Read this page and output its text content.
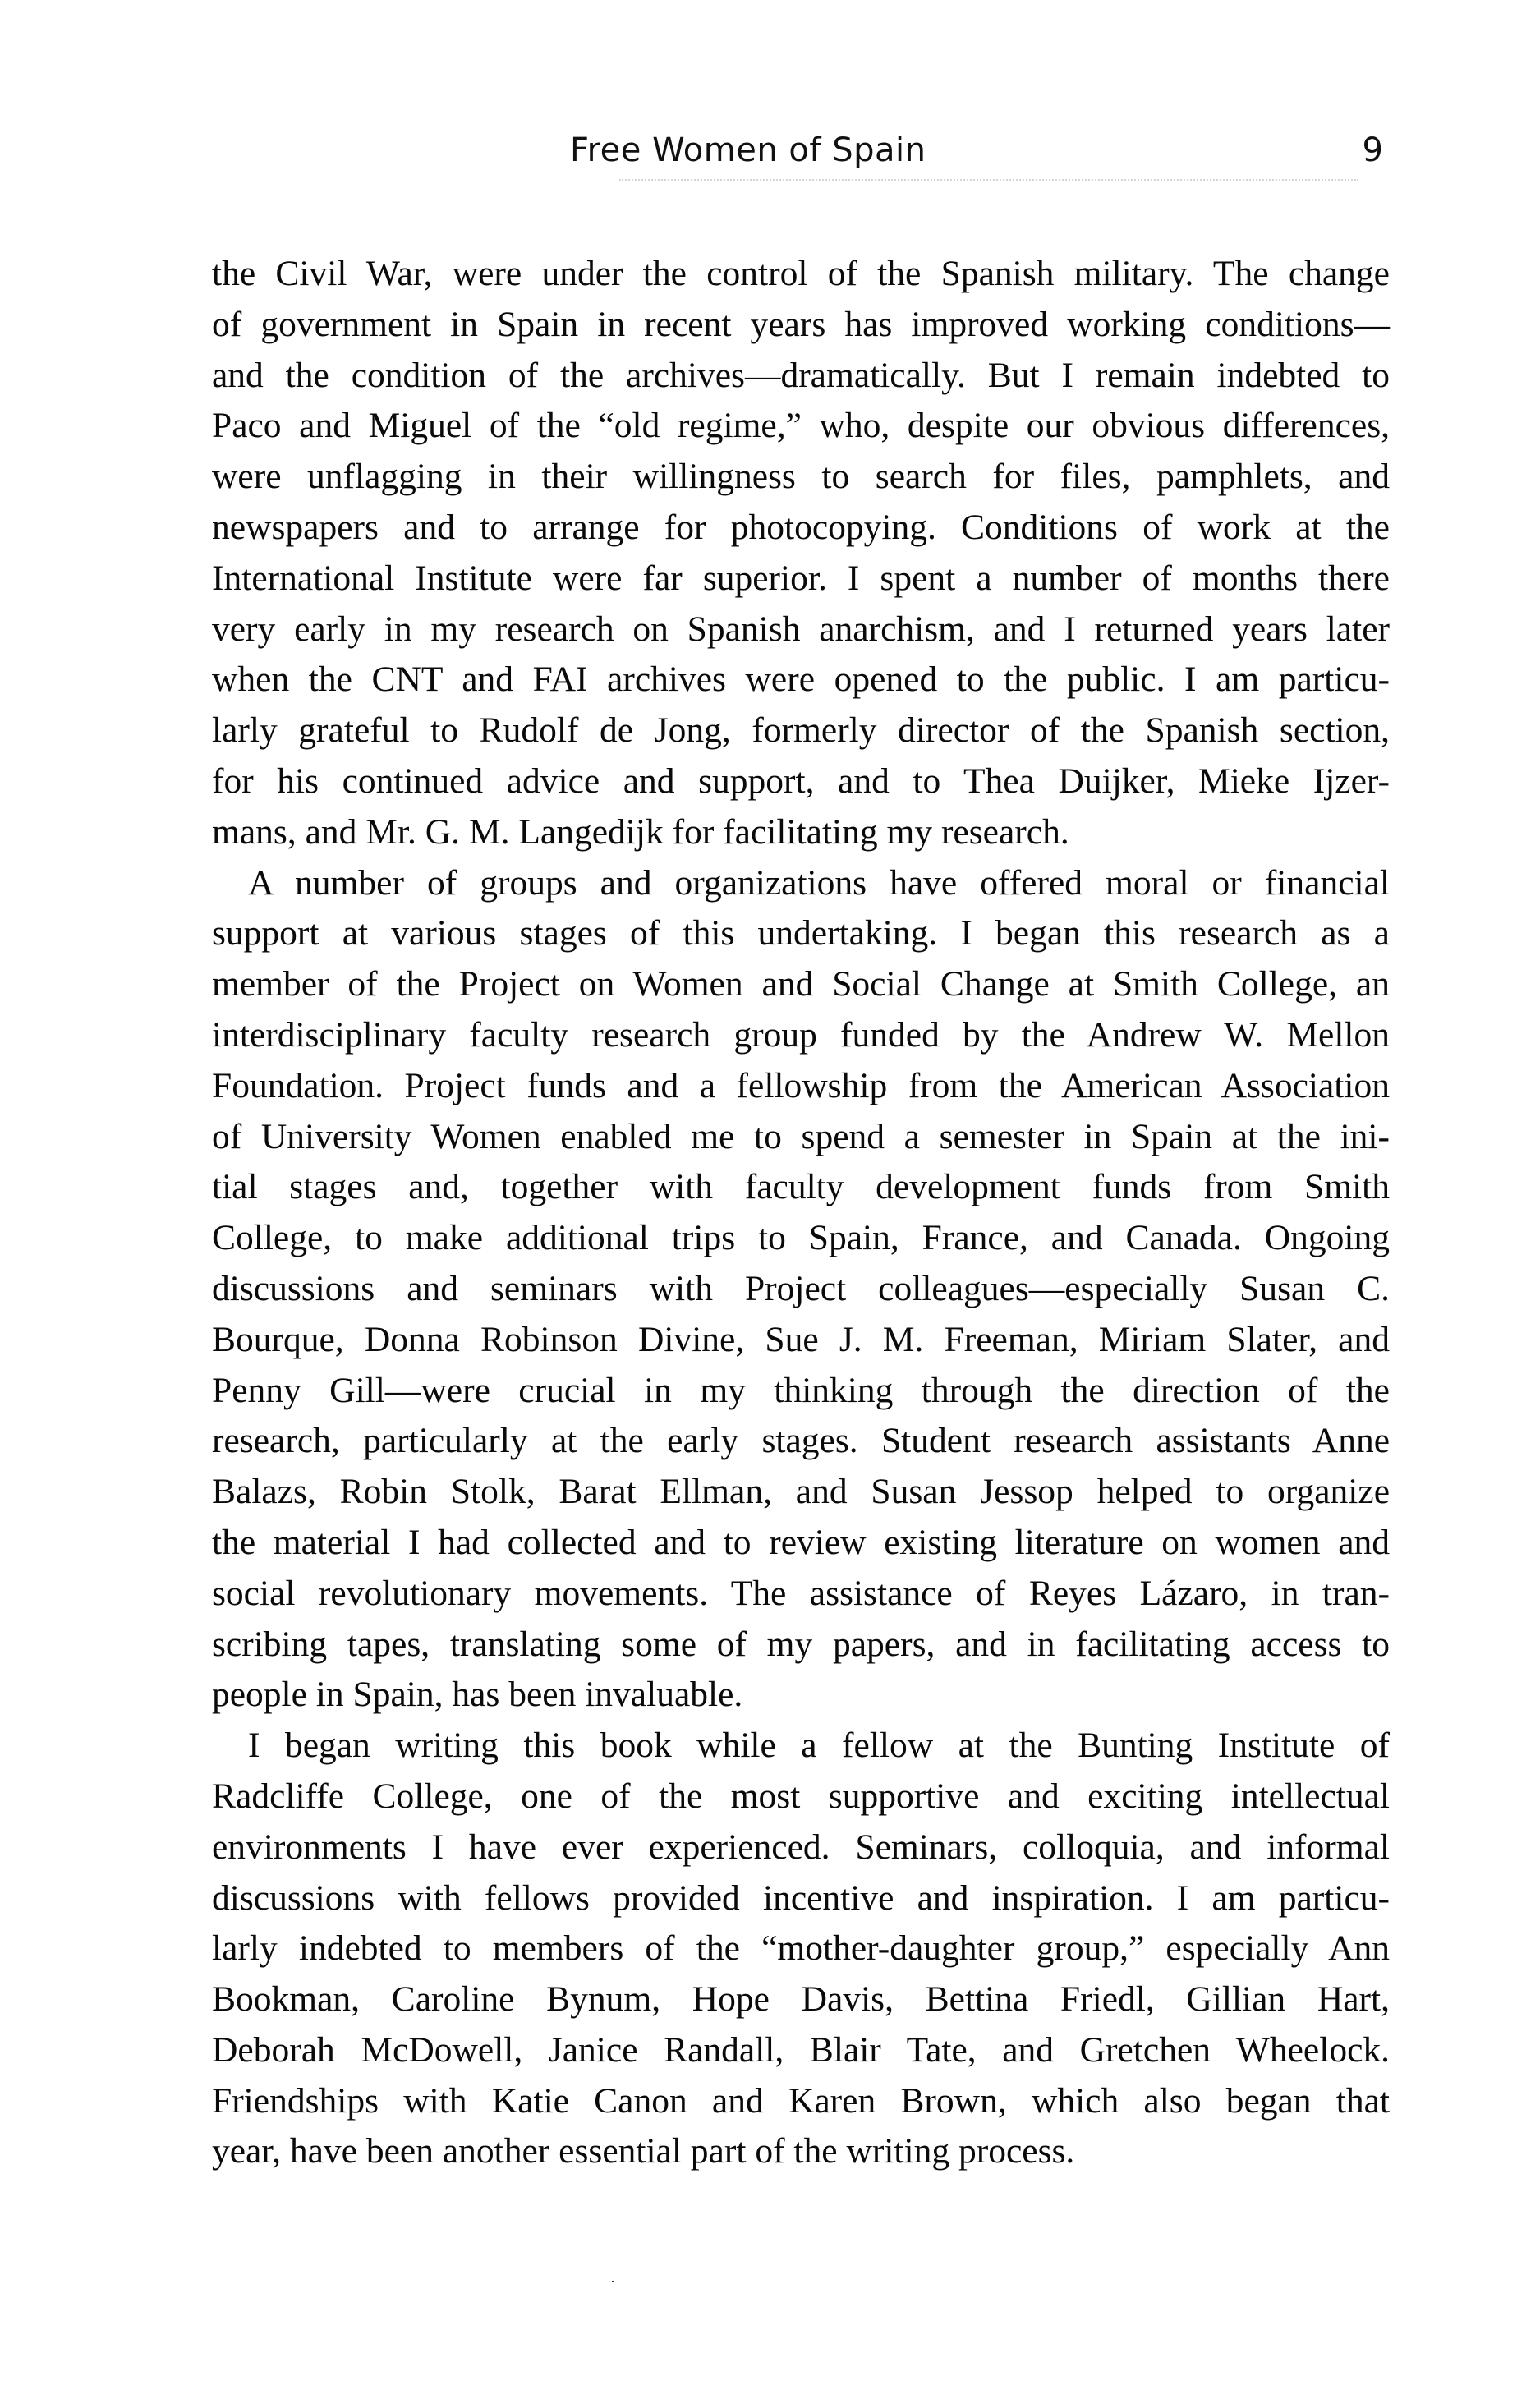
Free Women of Spain	9
the Civil War, were under the control of the Spanish military. The change
of government in Spain in recent years has improved working conditions—
and the condition of the archives—dramatically. But I remain indebted to
Paco and Miguel of the “old regime,” who, despite our obvious differences,
were unflagging in their willingness to search for files, pamphlets, and
newspapers and to arrange for photocopying. Conditions of work at the
International Institute were far superior. I spent a number of months there
very early in my research on Spanish anarchism, and I returned years later
when the CNT and FAI archives were opened to the public. I am particu-
larly grateful to Rudolf de Jong, formerly director of the Spanish section,
for his continued advice and support, and to Thea Duijker, Mieke Ijzer-
mans, and Mr. G. M. Langedijk for facilitating my research.
A number of groups and organizations have offered moral or financial
support at various stages of this undertaking. I began this research as a
member of the Project on Women and Social Change at Smith College, an
interdisciplinary faculty research group funded by the Andrew W. Mellon
Foundation. Project funds and a fellowship from the American Association
of University Women enabled me to spend a semester in Spain at the ini-
tial stages and, together with faculty development funds from Smith
College, to make additional trips to Spain, France, and Canada. Ongoing
discussions and seminars with Project colleagues—especially Susan C.
Bourque, Donna Robinson Divine, Sue J. M. Freeman, Miriam Slater, and
Penny Gill—were crucial in my thinking through the direction of the
research, particularly at the early stages. Student research assistants Anne
Balazs, Robin Stolk, Barat Ellman, and Susan Jessop helped to organize
the material I had collected and to review existing literature on women and
social revolutionary movements. The assistance of Reyes Lázaro, in tran-
scribing tapes, translating some of my papers, and in facilitating access to
people in Spain, has been invaluable.
I began writing this book while a fellow at the Bunting Institute of
Radcliffe College, one of the most supportive and exciting intellectual
environments I have ever experienced. Seminars, colloquia, and informal
discussions with fellows provided incentive and inspiration. I am particu-
larly indebted to members of the “mother-daughter group,” especially Ann
Bookman, Caroline Bynum, Hope Davis, Bettina Friedl, Gillian Hart,
Deborah McDowell, Janice Randall, Blair Tate, and Gretchen Wheelock.
Friendships with Katie Canon and Karen Brown, which also began that
year, have been another essential part of the writing process.
